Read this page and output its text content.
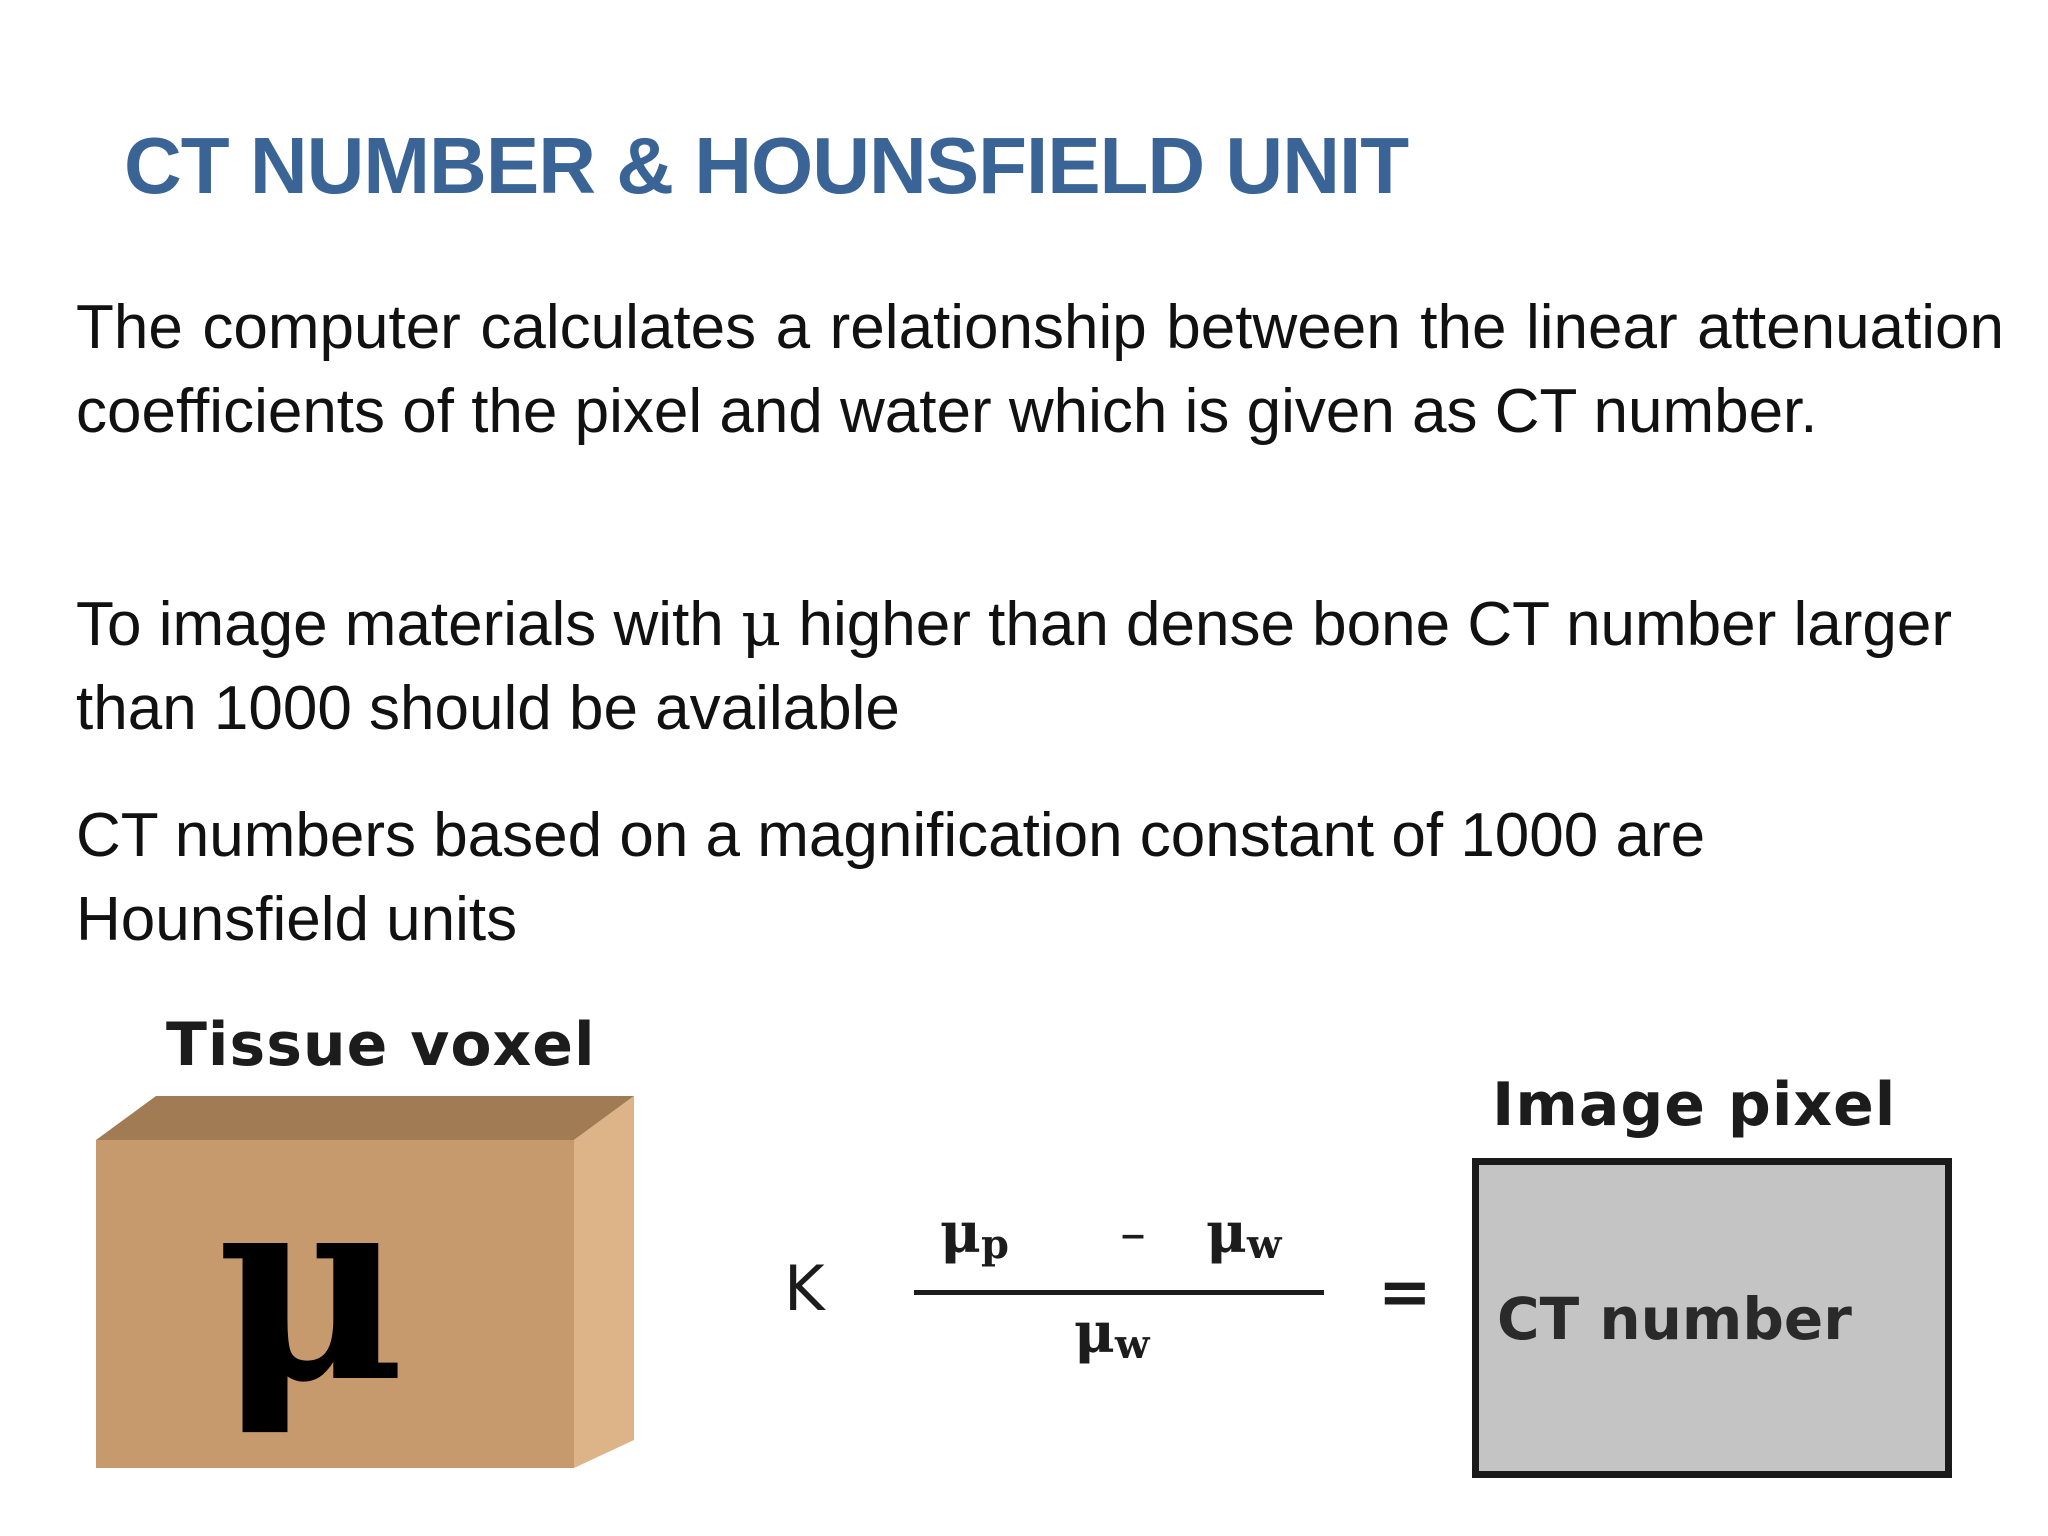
CT NUMBER & HOUNSFIELD UNIT
The computer calculates a relationship between the linear attenuation coefficients of the pixel and water which is given as CT number.
To image materials with μ higher than dense bone CT number larger than 1000 should be available
CT numbers based on a magnification constant of 1000 are Hounsfield units
Tissue voxel
μ	K
μp – μw
μw
=
Image pixel
CT number
